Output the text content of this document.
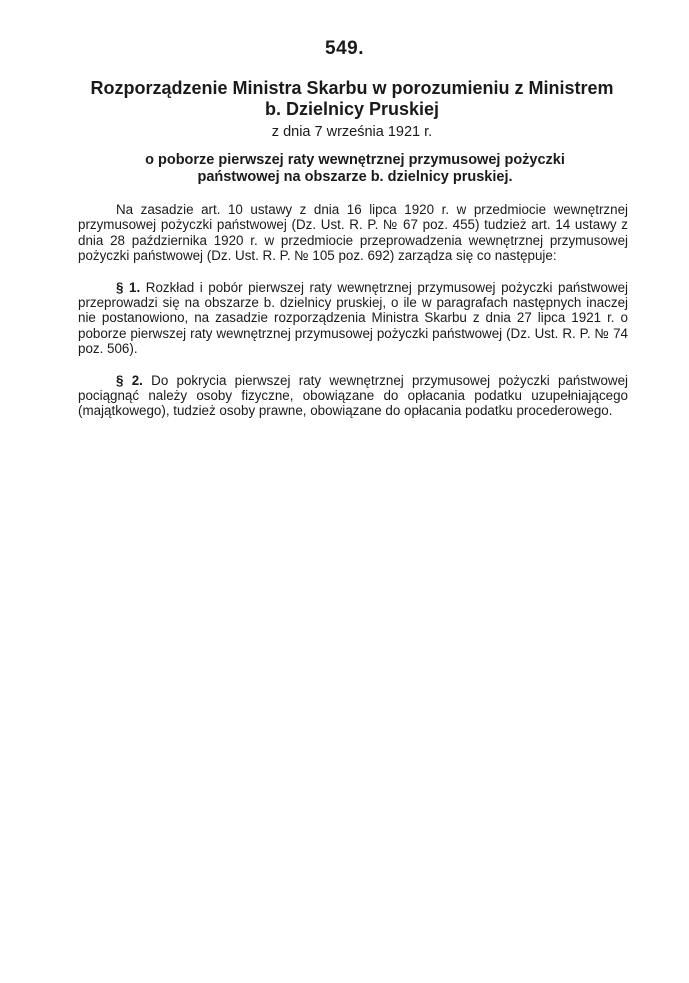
549.
Rozporządzenie Ministra Skarbu w porozumieniu z Ministrem
b. Dzielnicy Pruskiej
z dnia 7 września 1921 r.
o poborze pierwszej raty wewnętrznej przymusowej pożyczki
państwowej na obszarze b. dzielnicy pruskiej.

Na zasadzie art. 10 ustawy z dnia 16 lipca 1920 r. w przedmiocie wewnętrznej przymusowej pożyczki państwowej (Dz. Ust. R. P. № 67 poz. 455) tudzież art. 14 ustawy z dnia 28 października 1920 r. w przedmiocie przeprowadzenia wewnętrznej przymusowej pożyczki państwowej (Dz. Ust. R. P. № 105 poz. 692) zarządza się co następuje:

§ 1. Rozkład i pobór pierwszej raty wewnętrznej przymusowej pożyczki państwowej przeprowadzi się na obszarze b. dzielnicy pruskiej, o ile w paragrafach następnych inaczej nie postanowiono, na zasadzie rozporządzenia Ministra Skarbu z dnia 27 lipca 1921 r. o poborze pierwszej raty wewnętrznej przymusowej pożyczki państwowej (Dz. Ust. R. P. № 74 poz. 506).

§ 2. Do pokrycia pierwszej raty wewnętrznej przymusowej pożyczki państwowej pociągnąć należy osoby fizyczne, obowiązane do opłacania podatku uzupełniającego (majątkowego), tudzież osoby prawne, obowiązane do opłacania podatku procederowego.
